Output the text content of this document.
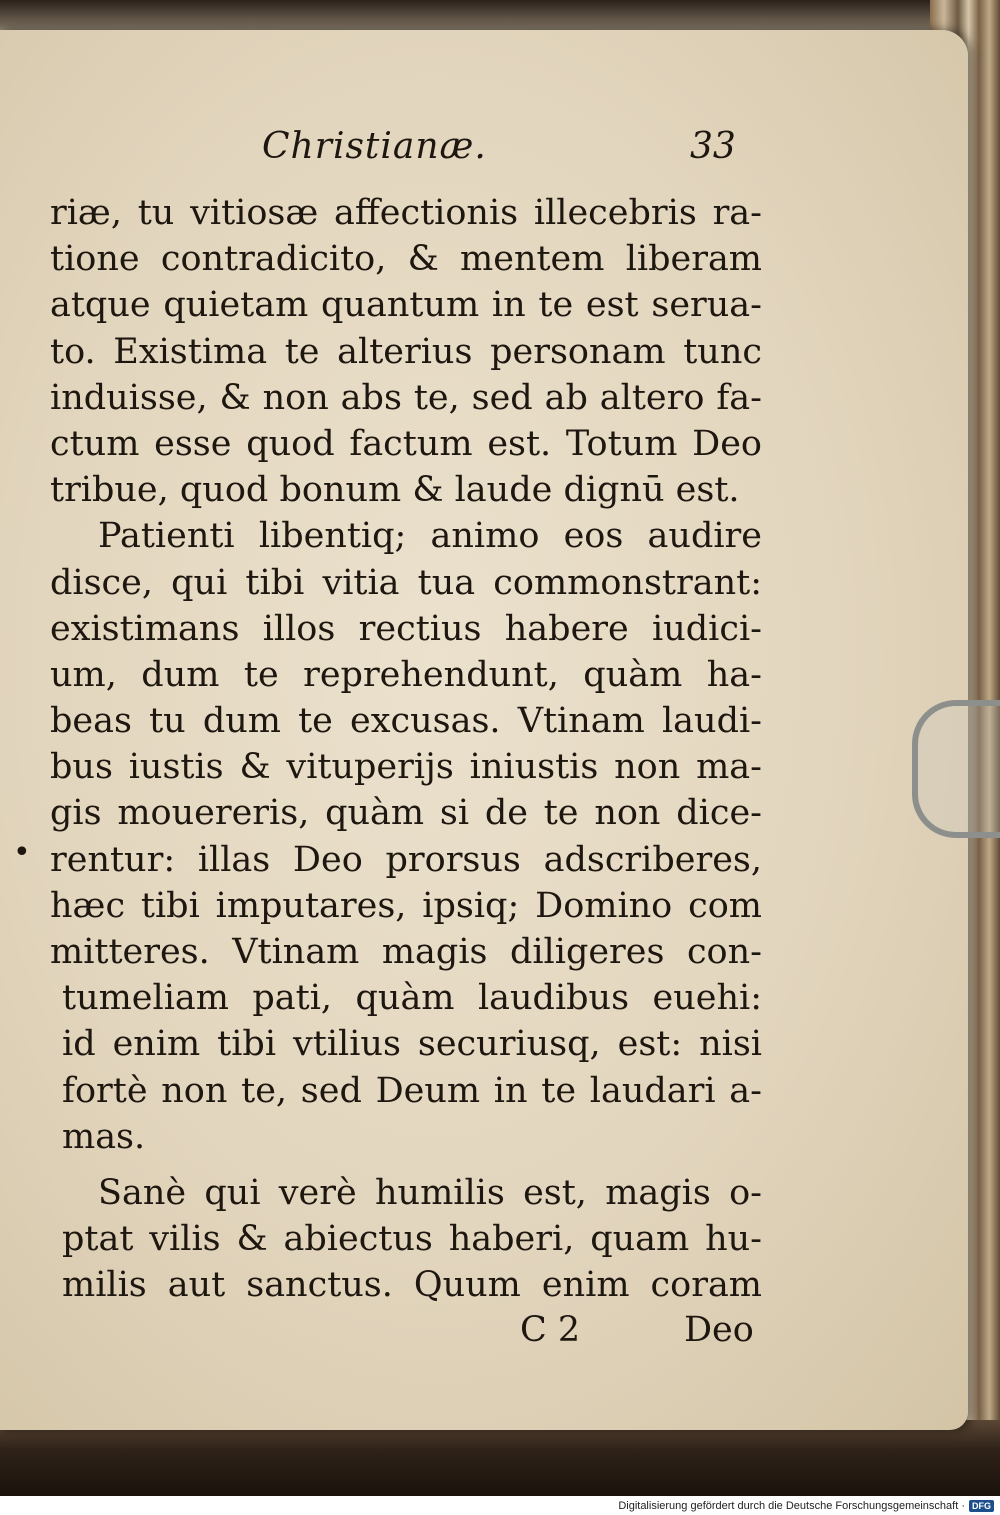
Christianæ.	33
•
riæ, tu vitiosæ affectionis illecebris ra-
tione contradicito, & mentem liberam
atque quietam quantum in te est serua-
to. Existima te alterius personam tunc
induisse, & non abs te, sed ab altero fa-
ctum esse quod factum est. Totum Deo
tribue, quod bonum & laude dignū est.
Patienti libentiq; animo eos audire
disce, qui tibi vitia tua commonstrant:
existimans illos rectius habere iudici-
um, dum te reprehendunt, quàm ha-
beas tu dum te excusas. Vtinam laudi-
bus iustis & vituperijs iniustis non ma-
gis mouereris, quàm si de te non dice-
rentur: illas Deo prorsus adscriberes,
hæc tibi imputares, ipsiq; Domino com
mitteres. Vtinam magis diligeres con-
tumeliam pati, quàm laudibus euehi:
id enim tibi vtilius securiusq, est: nisi
fortè non te, sed Deum in te laudari a-
mas.
Sanè qui verè humilis est, magis o-
ptat vilis & abiectus haberi, quam hu-
milis aut sanctus. Quum enim coram
C 2	Deo
Digitalisierung gefördert durch die Deutsche Forschungsgemeinschaft · DFG
